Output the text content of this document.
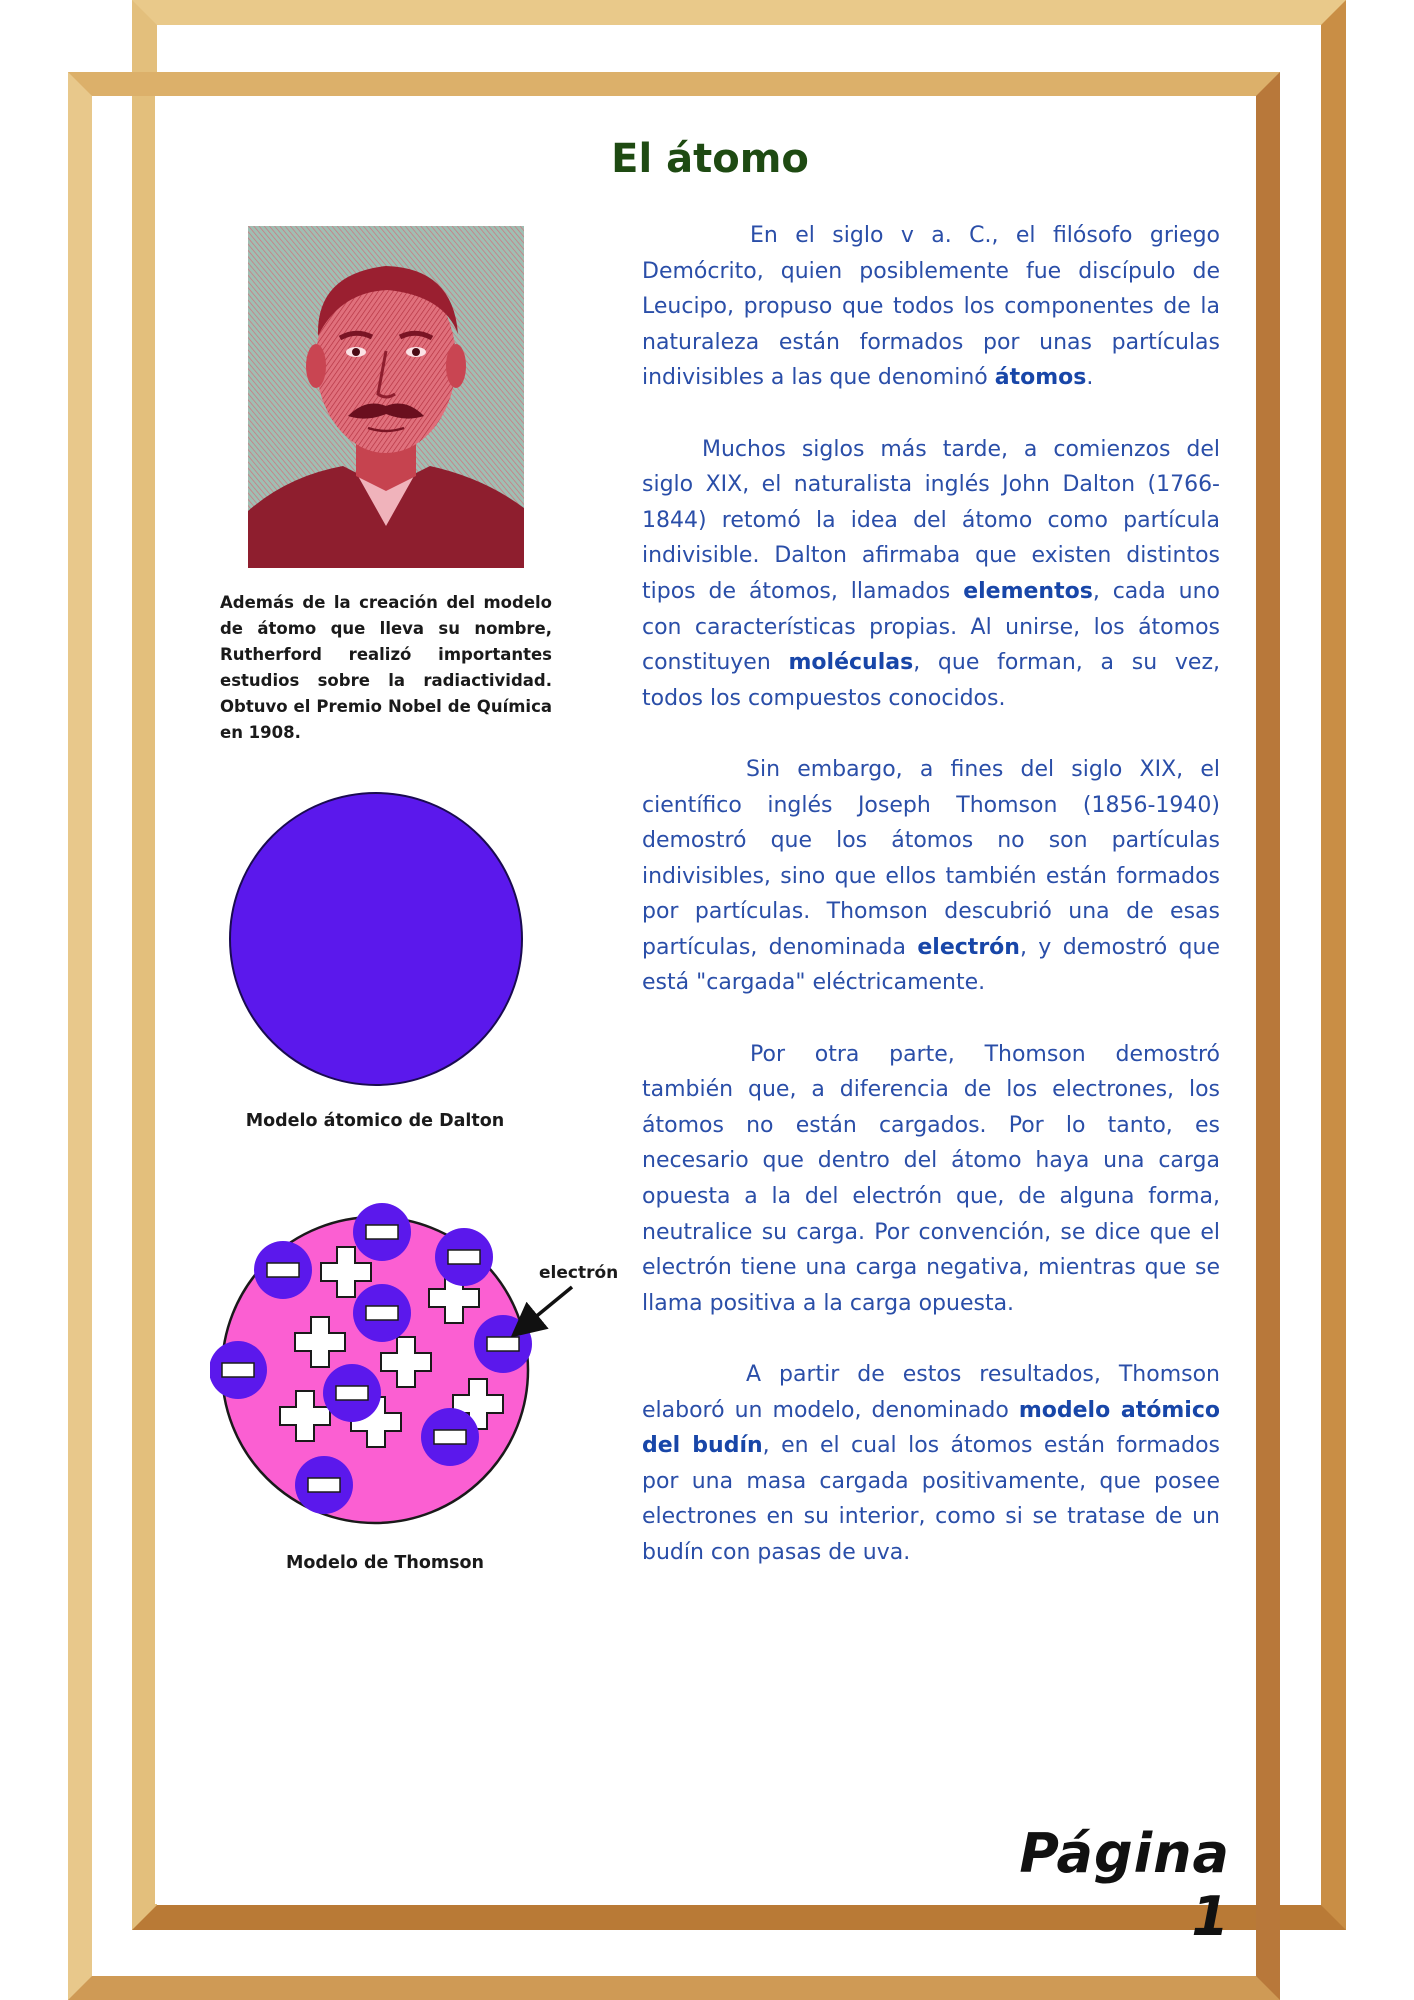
El átomo
Además de la creación del modelo de átomo que lleva su nombre, Rutherford realizó importantes estudios sobre la radiactividad. Obtuvo el Premio Nobel de Química en 1908.
Modelo átomico de Dalton
electrón
Modelo de Thomson

En el siglo v a. C., el filósofo griego Demócrito, quien posiblemente fue discípulo de Leucipo, propuso que todos los componentes de la naturaleza están formados por unas partículas indivisibles a las que denominó átomos.

Muchos siglos más tarde, a comienzos del siglo XIX, el naturalista inglés John Dalton (1766-1844) retomó la idea del átomo como partícula indivisible. Dalton afirmaba que existen distintos tipos de átomos, llamados elementos, cada uno con características propias. Al unirse, los átomos constituyen moléculas, que forman, a su vez, todos los compuestos conocidos.

Sin embargo, a fines del siglo XIX, el científico inglés Joseph Thomson (1856-1940) demostró que los átomos no son partículas indivisibles, sino que ellos también están formados por partículas. Thomson descubrió una de esas partículas, denominada electrón, y demostró que está "cargada" eléctricamente.

Por otra parte, Thomson demostró también que, a diferencia de los electrones, los átomos no están cargados. Por lo tanto, es necesario que dentro del átomo haya una carga opuesta a la del electrón que, de alguna forma, neutralice su carga. Por convención, se dice que el electrón tiene una carga negativa, mientras que se llama positiva a la carga opuesta.

A partir de estos resultados, Thomson elaboró un modelo, denominado modelo atómico del budín, en el cual los átomos están formados por una masa cargada positivamente, que posee electrones en su interior, como si se tratase de un budín con pasas de uva.

Página 1
